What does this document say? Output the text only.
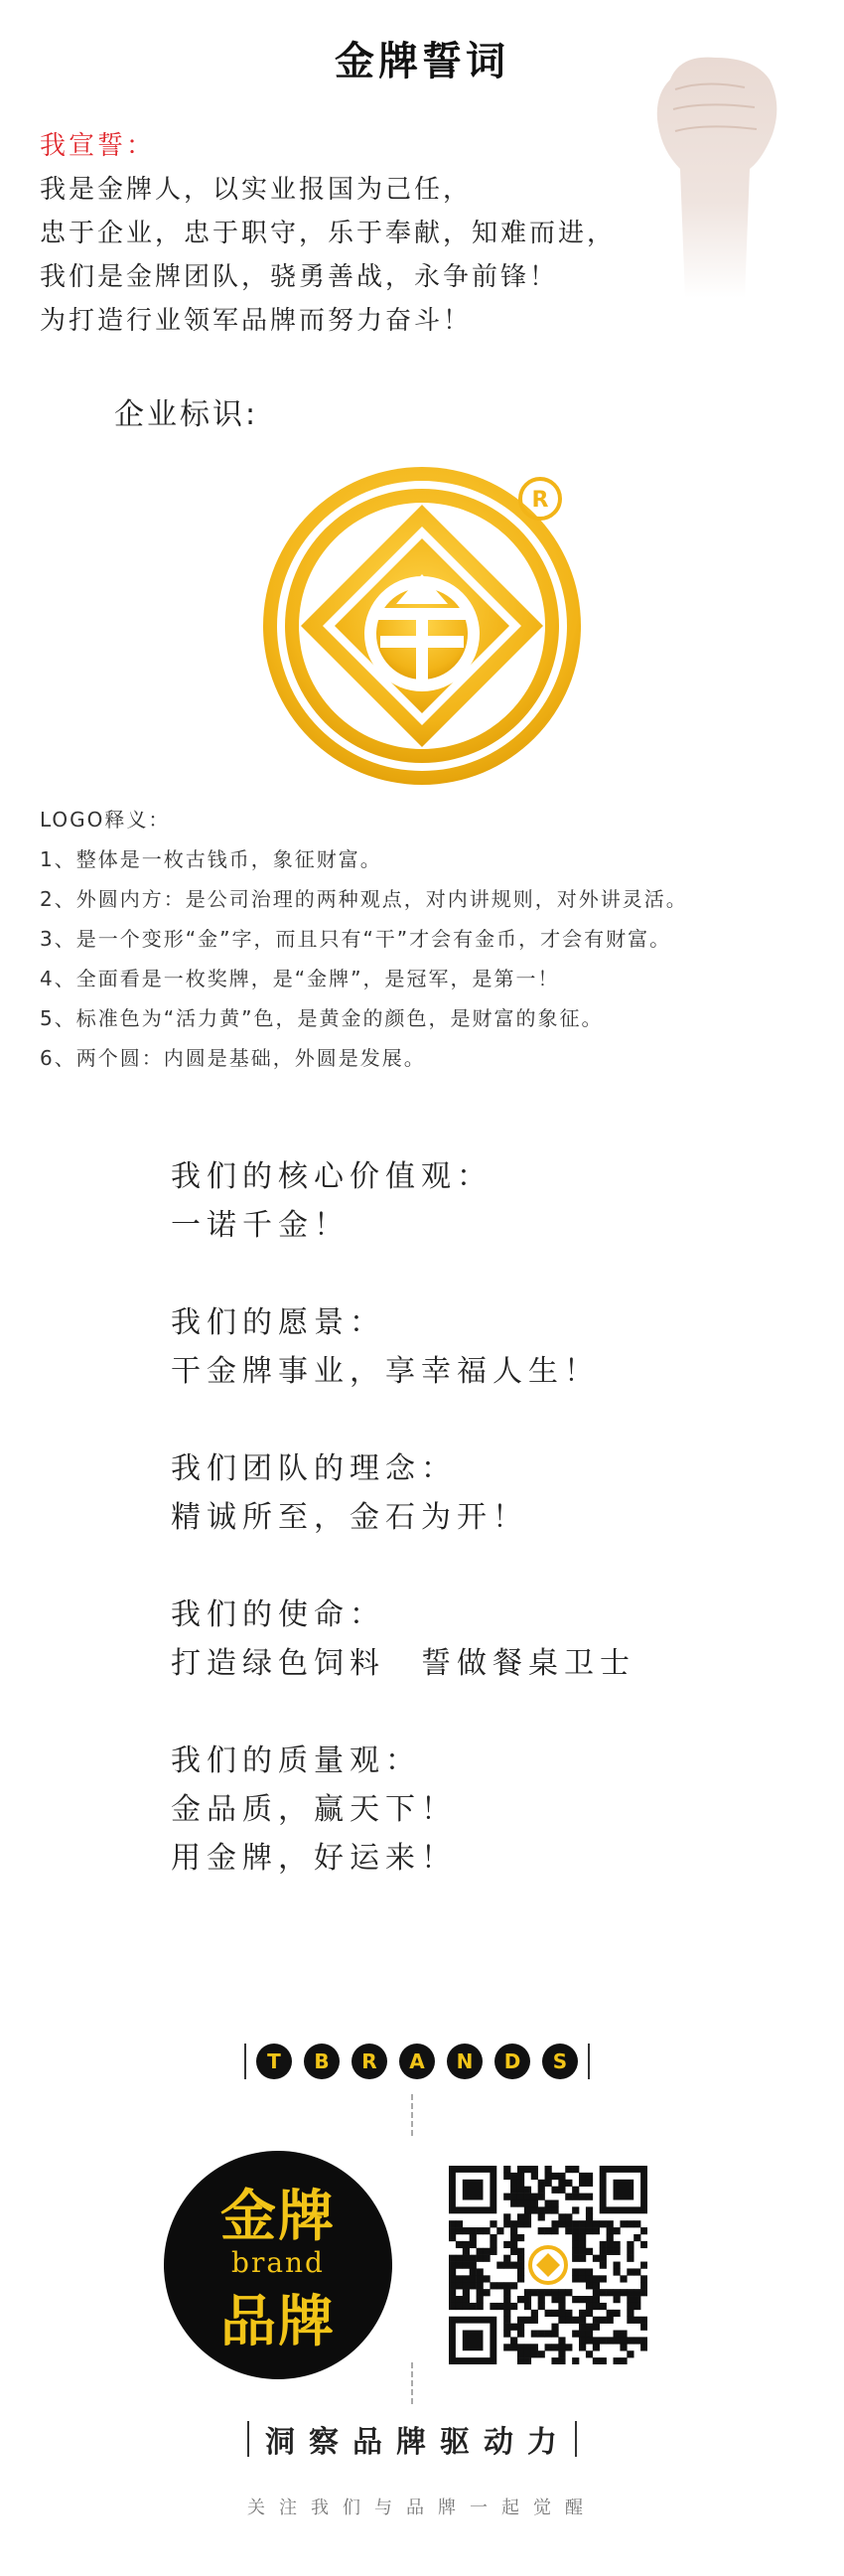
金牌誓词
我宣誓：
我是金牌人，以实业报国为己任，
忠于企业，忠于职守，乐于奉献，知难而进，
我们是金牌团队，骁勇善战，永争前锋！
为打造行业领军品牌而努力奋斗！
企业标识:
R
LOGO释义：
1、整体是一枚古钱币，象征财富。
2、外圆内方：是公司治理的两种观点，对内讲规则，对外讲灵活。
3、是一个变形“金”字，而且只有“干”才会有金币，才会有财富。
4、全面看是一枚奖牌，是“金牌”，是冠军，是第一！
5、标准色为“活力黄”色，是黄金的颜色，是财富的象征。
6、两个圆：内圆是基础，外圆是发展。
我们的核心价值观：
一诺千金！
我们的愿景：
干金牌事业，享幸福人生！
我们团队的理念：
精诚所至，金石为开！
我们的使命：
打造绿色饲料　誓做餐桌卫士
我们的质量观：
金品质，赢天下！
用金牌，好运来！
T	B	R	A	N	D	S
金牌
brand
品牌
洞察品牌驱动力
关注我们与品牌一起觉醒
